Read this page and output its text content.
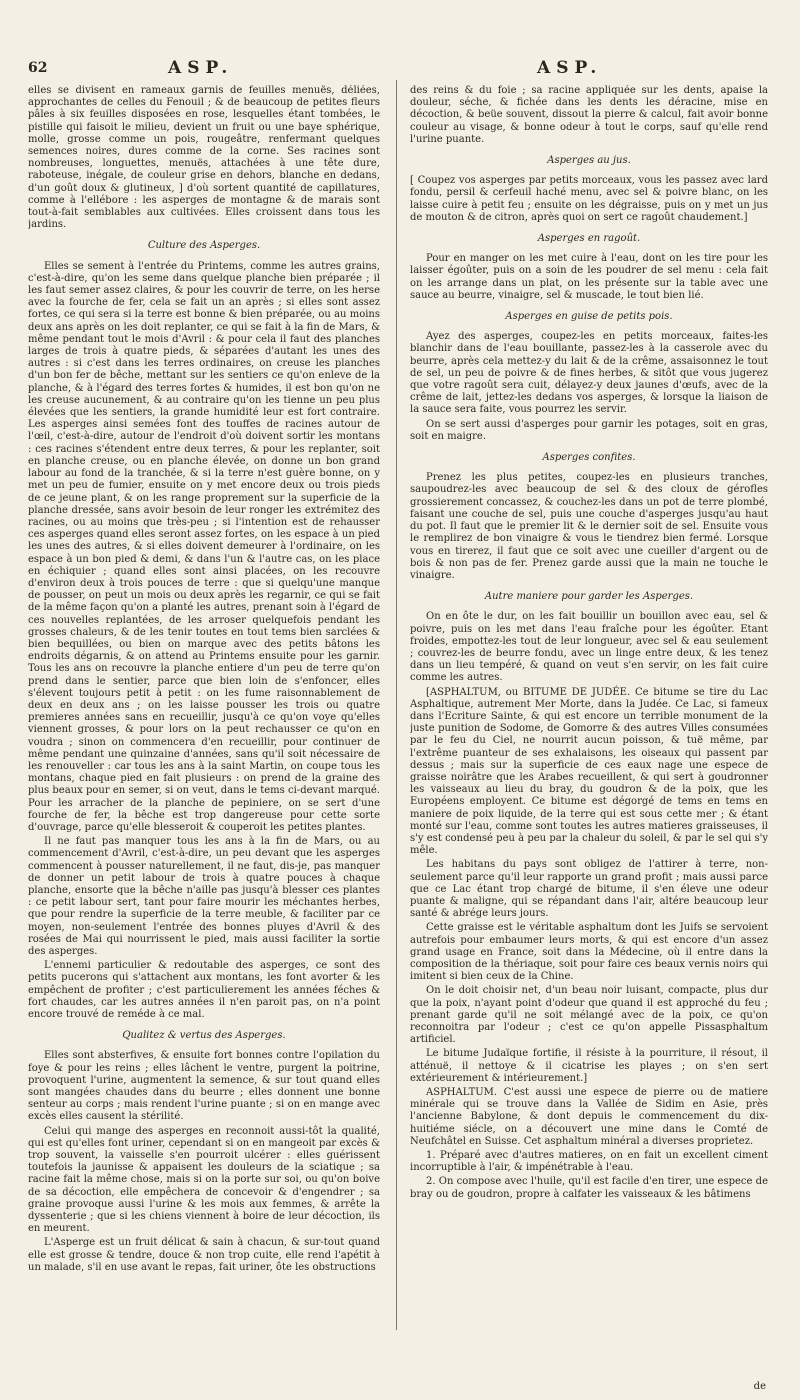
62	ASP.	ASP.

elles se divisent en rameaux garnis de feuilles menuës, déliées, approchantes de celles du Fenouil ; & de beaucoup de petites fleurs pâles à six feuilles disposées en rose, lesquelles étant tombées, le pistille qui faisoit le milieu, devient un fruit ou une baye sphérique, molle, grosse comme un pois, rougeâtre, renfermant quelques semences noires, dures comme de la corne. Ses racines sont nombreuses, longuettes, menuës, attachées à une tête dure, raboteuse, inégale, de couleur grise en dehors, blanche en dedans, d'un goût doux & glutineux, ] d'où sortent quantité de capillatures, comme à l'ellébore : les asperges de montagne & de marais sont tout-à-fait semblables aux cultivées. Elles croissent dans tous les jardins.

Culture des Asperges.

Elles se sement à l'entrée du Printems, comme les autres grains, c'est-à-dire, qu'on les seme dans quelque planche bien préparée ; il les faut semer assez claires, & pour les couvrir de terre, on les herse avec la fourche de fer, cela se fait un an après ; si elles sont assez fortes, ce qui sera si la terre est bonne & bien préparée, ou au moins deux ans après on les doit replanter, ce qui se fait à la fin de Mars, & même pendant tout le mois d'Avril : & pour cela il faut des planches larges de trois à quatre pieds, & séparées d'autant les unes des autres : si c'est dans les terres ordinaires, on creuse les planches d'un bon fer de bêche, mettant sur les sentiers ce qu'on enleve de la planche, & à l'égard des terres fortes & humides, il est bon qu'on ne les creuse aucunement, & au contraire qu'on les tienne un peu plus élevées que les sentiers, la grande humidité leur est fort contraire. Les asperges ainsi semées font des touffes de racines autour de l'œil, c'est-à-dire, autour de l'endroit d'où doivent sortir les montans : ces racines s'étendent entre deux terres, & pour les replanter, soit en planche creuse, ou en planche élevée, on donne un bon grand labour au fond de la tranchée, & si la terre n'est guère bonne, on y met un peu de fumier, ensuite on y met encore deux ou trois pieds de ce jeune plant, & on les range proprement sur la superficie de la planche dressée, sans avoir besoin de leur ronger les extrémitez des racines, ou au moins que très-peu ; si l'intention est de rehausser ces asperges quand elles seront assez fortes, on les espace à un pied les unes des autres, & si elles doivent demeurer à l'ordinaire, on les espace à un bon pied & demi, & dans l'un & l'autre cas, on les place en échiquier ; quand elles sont ainsi placées, on les recouvre d'environ deux à trois pouces de terre : que si quelqu'une manque de pousser, on peut un mois ou deux après les regarnir, ce qui se fait de la même façon qu'on a planté les autres, prenant soin à l'égard de ces nouvelles replantées, de les arroser quelquefois pendant les grosses chaleurs, & de les tenir toutes en tout tems bien sarclées & bien bequillées, ou bien on marque avec des petits bâtons les endroits dégarnis, & on attend au Printems ensuite pour les garnir. Tous les ans on recouvre la planche entiere d'un peu de terre qu'on prend dans le sentier, parce que bien loin de s'enfoncer, elles s'élevent toujours petit à petit : on les fume raisonnablement de deux en deux ans ; on les laisse pousser les trois ou quatre premieres années sans en recueillir, jusqu'à ce qu'on voye qu'elles viennent grosses, & pour lors on la peut rechausser ce qu'on en voudra ; sinon on commencera d'en recueillir, pour continuer de même pendant une quinzaine d'années, sans qu'il soit nécessaire de les renouveller : car tous les ans à la saint Martin, on coupe tous les montans, chaque pied en fait plusieurs : on prend de la graine des plus beaux pour en semer, si on veut, dans le tems ci-devant marqué. Pour les arracher de la planche de pepiniere, on se sert d'une fourche de fer, la bêche est trop dangereuse pour cette sorte d'ouvrage, parce qu'elle blesseroit & couperoit les petites plantes.

Il ne faut pas manquer tous les ans à la fin de Mars, ou au commencement d'Avril, c'est-à-dire, un peu devant que les asperges commencent à pousser naturellement, il ne faut, dis-je, pas manquer de donner un petit labour de trois à quatre pouces à chaque planche, ensorte que la bêche n'aille pas jusqu'à blesser ces plantes : ce petit labour sert, tant pour faire mourir les méchantes herbes, que pour rendre la superficie de la terre meuble, & faciliter par ce moyen, non-seulement l'entrée des bonnes pluyes d'Avril & des rosées de Mai qui nourrissent le pied, mais aussi faciliter la sortie des asperges.

L'ennemi particulier & redoutable des asperges, ce sont des petits pucerons qui s'attachent aux montans, les font avorter & les empêchent de profiter ; c'est particulierement les années féches & fort chaudes, car les autres années il n'en paroit pas, on n'a point encore trouvé de reméde à ce mal.

Qualitez & vertus des Asperges.

Elles sont absterfives, & ensuite fort bonnes contre l'opilation du foye & pour les reins ; elles lâchent le ventre, purgent la poitrine, provoquent l'urine, augmentent la semence, & sur tout quand elles sont mangées chaudes dans du beurre ; elles donnent une bonne senteur au corps ; mais rendent l'urine puante ; si on en mange avec excès elles causent la stérilité.

Celui qui mange des asperges en reconnoit aussi-tôt la qualité, qui est qu'elles font uriner, cependant si on en mangeoit par excès & trop souvent, la vaisselle s'en pourroit ulcérer : elles guérissent toutefois la jaunisse & appaisent les douleurs de la sciatique ; sa racine fait la même chose, mais si on la porte sur soi, ou qu'on boive de sa décoction, elle empêchera de concevoir & d'engendrer ; sa graine provoque aussi l'urine & les mois aux femmes, & arrête la dyssenterie ; que si les chiens viennent à boire de leur décoction, ils en meurent.

L'Asperge est un fruit délicat & sain à chacun, & sur-tout quand elle est grosse & tendre, douce & non trop cuite, elle rend l'apétit à un malade, s'il en use avant le repas, fait uriner, ôte les obstructions

des reins & du foie ; sa racine appliquée sur les dents, apaise la douleur, séche, & fichée dans les dents les déracine, mise en décoction, & beüe souvent, dissout la pierre & calcul, fait avoir bonne couleur au visage, & bonne odeur à tout le corps, sauf qu'elle rend l'urine puante.

Asperges au jus.

[ Coupez vos asperges par petits morceaux, vous les passez avec lard fondu, persil & cerfeuil haché menu, avec sel & poivre blanc, on les laisse cuire à petit feu ; ensuite on les dégraisse, puis on y met un jus de mouton & de citron, après quoi on sert ce ragoût chaudement.]

Asperges en ragoût.

Pour en manger on les met cuire à l'eau, dont on les tire pour les laisser égoûter, puis on a soin de les poudrer de sel menu : cela fait on les arrange dans un plat, on les présente sur la table avec une sauce au beurre, vinaigre, sel & muscade, le tout bien lié.

Asperges en guise de petits pois.

Ayez des asperges, coupez-les en petits morceaux, faites-les blanchir dans de l'eau bouillante, passez-les à la casserole avec du beurre, après cela mettez-y du lait & de la crême, assaisonnez le tout de sel, un peu de poivre & de fines herbes, & sitôt que vous jugerez que votre ragoût sera cuit, délayez-y deux jaunes d'œufs, avec de la crême de lait, jettez-les dedans vos asperges, & lorsque la liaison de la sauce sera faite, vous pourrez les servir.

On se sert aussi d'asperges pour garnir les potages, soit en gras, soit en maigre.

Asperges confites.

Prenez les plus petites, coupez-les en plusieurs tranches, saupoudrez-les avec beaucoup de sel & des cloux de gérofles grossierement concassez, & couchez-les dans un pot de terre plombé, faisant une couche de sel, puis une couche d'asperges jusqu'au haut du pot. Il faut que le premier lit & le dernier soit de sel. Ensuite vous le remplirez de bon vinaigre & vous le tiendrez bien fermé. Lorsque vous en tirerez, il faut que ce soit avec une cueiller d'argent ou de bois & non pas de fer. Prenez garde aussi que la main ne touche le vinaigre.

Autre maniere pour garder les Asperges.

On en ôte le dur, on les fait bouillir un bouillon avec eau, sel & poivre, puis on les met dans l'eau fraîche pour les égoûter. Etant froides, empottez-les tout de leur longueur, avec sel & eau seulement ; couvrez-les de beurre fondu, avec un linge entre deux, & les tenez dans un lieu tempéré, & quand on veut s'en servir, on les fait cuire comme les autres.

[ASPHALTUM, ou BITUME DE JUDÉE. Ce bitume se tire du Lac Asphaltique, autrement Mer Morte, dans la Judée. Ce Lac, si fameux dans l'Ecriture Sainte, & qui est encore un terrible monument de la juste punition de Sodome, de Gomorre & des autres Villes consumées par le feu du Ciel, ne nourrit aucun poisson, & tuë même, par l'extrême puanteur de ses exhalaisons, les oiseaux qui passent par dessus ; mais sur la superficie de ces eaux nage une espece de graisse noirâtre que les Arabes recueillent, & qui sert à goudronner les vaisseaux au lieu du bray, du goudron & de la poix, que les Européens employent. Ce bitume est dégorgé de tems en tems en maniere de poix liquide, de la terre qui est sous cette mer ; & étant monté sur l'eau, comme sont toutes les autres matieres graisseuses, il s'y est condensé peu à peu par la chaleur du soleil, & par le sel qui s'y mêle.

Les habitans du pays sont obligez de l'attirer à terre, non-seulement parce qu'il leur rapporte un grand profit ; mais aussi parce que ce Lac étant trop chargé de bitume, il s'en éleve une odeur puante & maligne, qui se répandant dans l'air, altére beaucoup leur santé & abrége leurs jours.

Cette graisse est le véritable asphaltum dont les Juifs se servoient autrefois pour embaumer leurs morts, & qui est encore d'un assez grand usage en France, soit dans la Médecine, où il entre dans la composition de la thériaque, soit pour faire ces beaux vernis noirs qui imitent si bien ceux de la Chine.

On le doit choisir net, d'un beau noir luisant, compacte, plus dur que la poix, n'ayant point d'odeur que quand il est approché du feu ; prenant garde qu'il ne soit mélangé avec de la poix, ce qu'on reconnoitra par l'odeur ; c'est ce qu'on appelle Pissasphaltum artificiel.

Le bitume Judaïque fortifie, il résiste à la pourriture, il résout, il atténuë, il nettoye & il cicatrise les playes ; on s'en sert extérieurement & intérieurement.]

ASPHALTUM. C'est aussi une espece de pierre ou de matiere minérale qui se trouve dans la Vallée de Sidim en Asie, près l'ancienne Babylone, & dont depuis le commencement du dix-huitiéme siécle, on a découvert une mine dans le Comté de Neufchâtel en Suisse. Cet asphaltum minéral a diverses proprietez.

1. Préparé avec d'autres matieres, on en fait un excellent ciment incorruptible à l'air, & impénétrable à l'eau.

2. On compose avec l'huile, qu'il est facile d'en tirer, une espece de bray ou de goudron, propre à calfater les vaisseaux & les bâtimens

de
